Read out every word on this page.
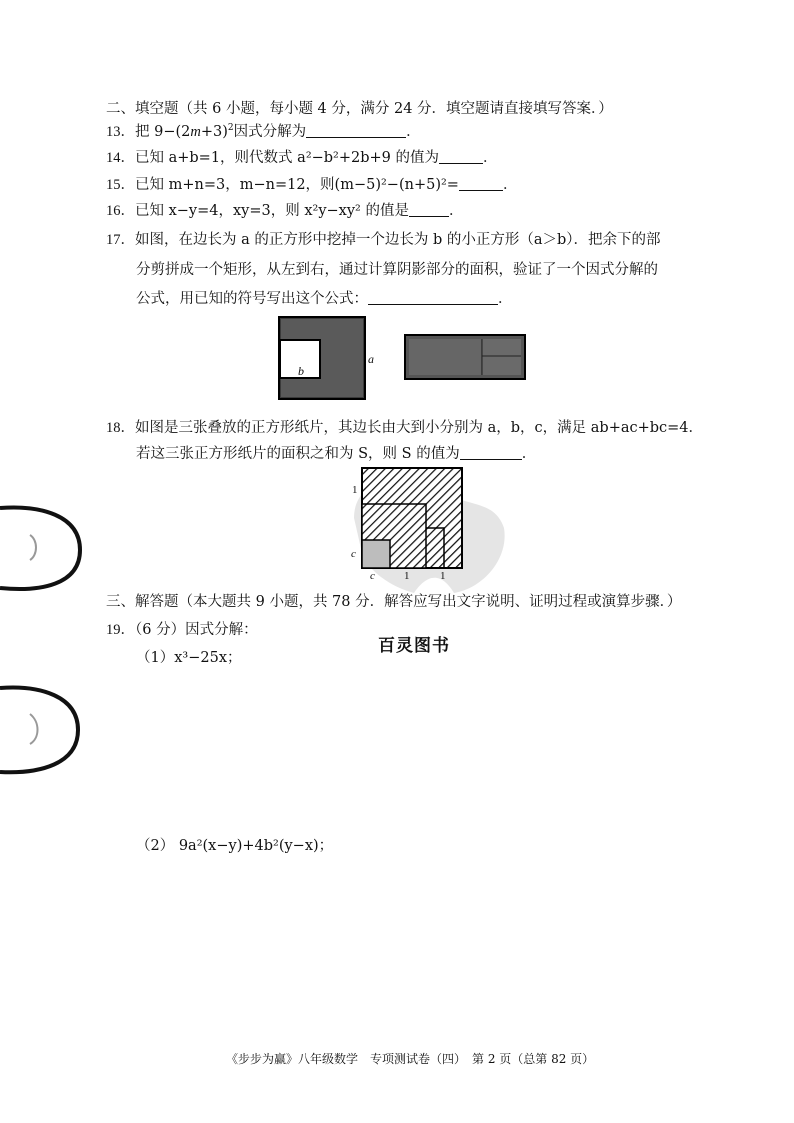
二、填空题（共 6 小题，每小题 4 分，满分 24 分．填空题请直接填写答案．）
13．把 $9-(2m+3)^2$因式分解为	．
14．已知 a+b=1，则代数式 a²−b²+2b+9 的值为	．
15．已知 m+n=3，m−n=12，则(m−5)²−(n+5)²=	．
16．已知 x−y=4，xy=3，则 x²y−xy² 的值是	．
17．如图，在边长为 a 的正方形中挖掉一个边长为 b 的小正方形（a＞b）．把余下的部
分剪拼成一个矩形，从左到右，通过计算阴影部分的面积，验证了一个因式分解的
公式，用已知的符号写出这个公式：	．
b
a
18．如图是三张叠放的正方形纸片，其边长由大到小分别为 a，b，c，满足 ab+ac+bc=4．
若这三张正方形纸片的面积之和为 S，则 S 的值为	．
1
c
c	1	1
三、解答题（本大题共 9 小题，共 78 分．解答应写出文字说明、证明过程或演算步骤．）
19．（6 分）因式分解：
（1）x³−25x；
百灵图书
（2） 9a²(x−y)+4b²(y−x)；
《步步为赢》八年级数学　专项测试卷（四）　第 2 页（总第 82 页）
